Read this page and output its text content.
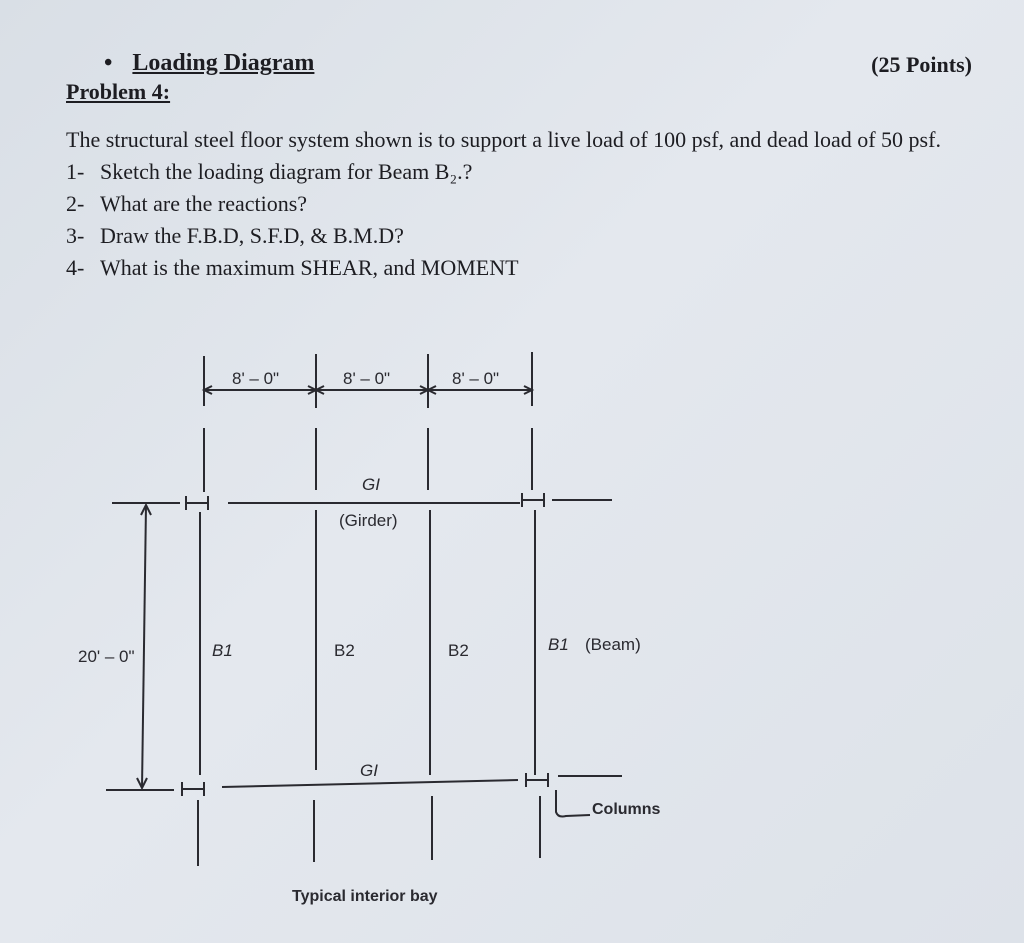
• Loading Diagram
Problem 4:
(25 Points)
The structural steel floor system shown is to support a live load of 100 psf, and dead load of 50 psf.
1- Sketch the loading diagram for Beam B₂.?
2- What are the reactions?
3- Draw the F.B.D, S.F.D, & B.M.D?
4- What is the maximum SHEAR, and MOMENT
8' – 0"	8' – 0"	8' – 0"
GI
(Girder)
20' – 0"	B1	B2	B2	B1 (Beam)
GI
Columns
Typical interior bay
